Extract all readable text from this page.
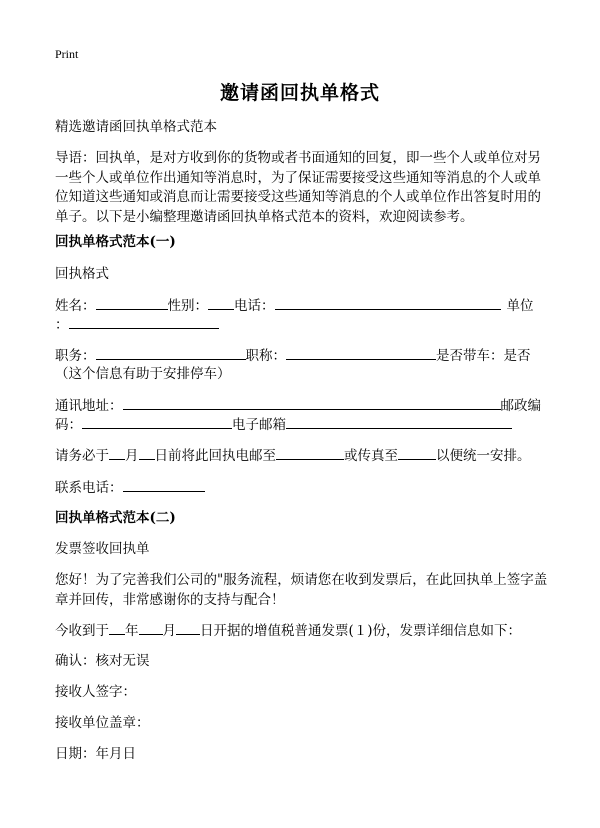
Print
邀请函回执单格式
精选邀请函回执单格式范本
导语：回执单，是对方收到你的货物或者书面通知的回复，即一些个人或单位对另一些个人或单位作出通知等消息时，为了保证需要接受这些通知等消息的个人或单位知道这些通知或消息而让需要接受这些通知等消息的个人或单位作出答复时用的单子。以下是小编整理邀请函回执单格式范本的资料，欢迎阅读参考。
回执单格式范本(一)
回执格式
姓名：	性别： 电话：	单位
：
职务：	职称：	是否带车：是否
（这个信息有助于安排停车）
通讯地址：	邮政编
码：	电子邮箱
请务必于 月 日前将此回执电邮至	或传真至	以便统一安排。
联系电话：
回执单格式范本(二)
发票签收回执单
您好！为了完善我们公司的"服务流程，烦请您在收到发票后，在此回执单上签字盖章并回传，非常感谢你的支持与配合！
今收到于 年 月 日开据的增值税普通发票(１)份，发票详细信息如下：
确认：核对无误
接收人签字：
接收单位盖章：
日期：年月日
